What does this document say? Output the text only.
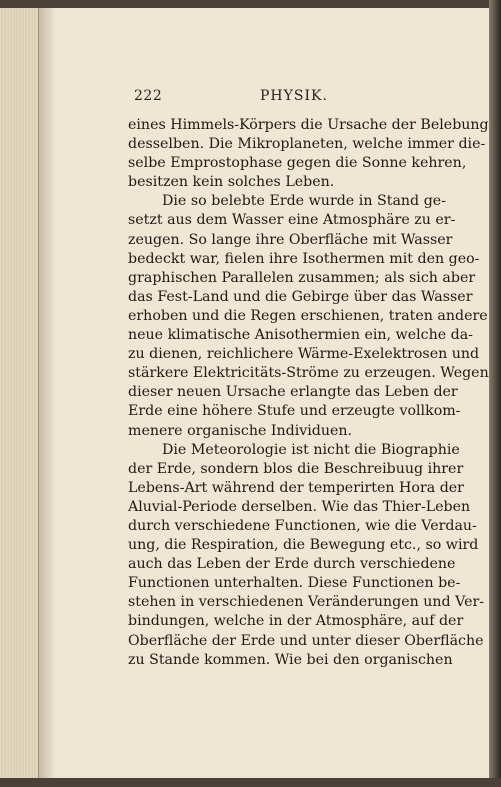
222	PHYSIK.
eines Himmels-Körpers die Ursache der Belebung
desselben. Die Mikroplaneten, welche immer die-
selbe Emprostophase gegen die Sonne kehren,
besitzen kein solches Leben.
Die so belebte Erde wurde in Stand ge-
setzt aus dem Wasser eine Atmosphäre zu er-
zeugen. So lange ihre Oberfläche mit Wasser
bedeckt war, fielen ihre Isothermen mit den geo-
graphischen Parallelen zusammen; als sich aber
das Fest-Land und die Gebirge über das Wasser
erhoben und die Regen erschienen, traten andere
neue klimatische Anisothermien ein, welche da-
zu dienen, reichlichere Wärme-Exelektrosen und
stärkere Elektricitäts-Ströme zu erzeugen. Wegen
dieser neuen Ursache erlangte das Leben der
Erde eine höhere Stufe und erzeugte vollkom-
menere organische Individuen.
Die Meteorologie ist nicht die Biographie
der Erde, sondern blos die Beschreibuug ihrer
Lebens-Art während der temperirten Hora der
Aluvial-Periode derselben. Wie das Thier-Leben
durch verschiedene Functionen, wie die Verdau-
ung, die Respiration, die Bewegung etc., so wird
auch das Leben der Erde durch verschiedene
Functionen unterhalten. Diese Functionen be-
stehen in verschiedenen Veränderungen und Ver-
bindungen, welche in der Atmosphäre, auf der
Oberfläche der Erde und unter dieser Oberfläche
zu Stande kommen. Wie bei den organischen
